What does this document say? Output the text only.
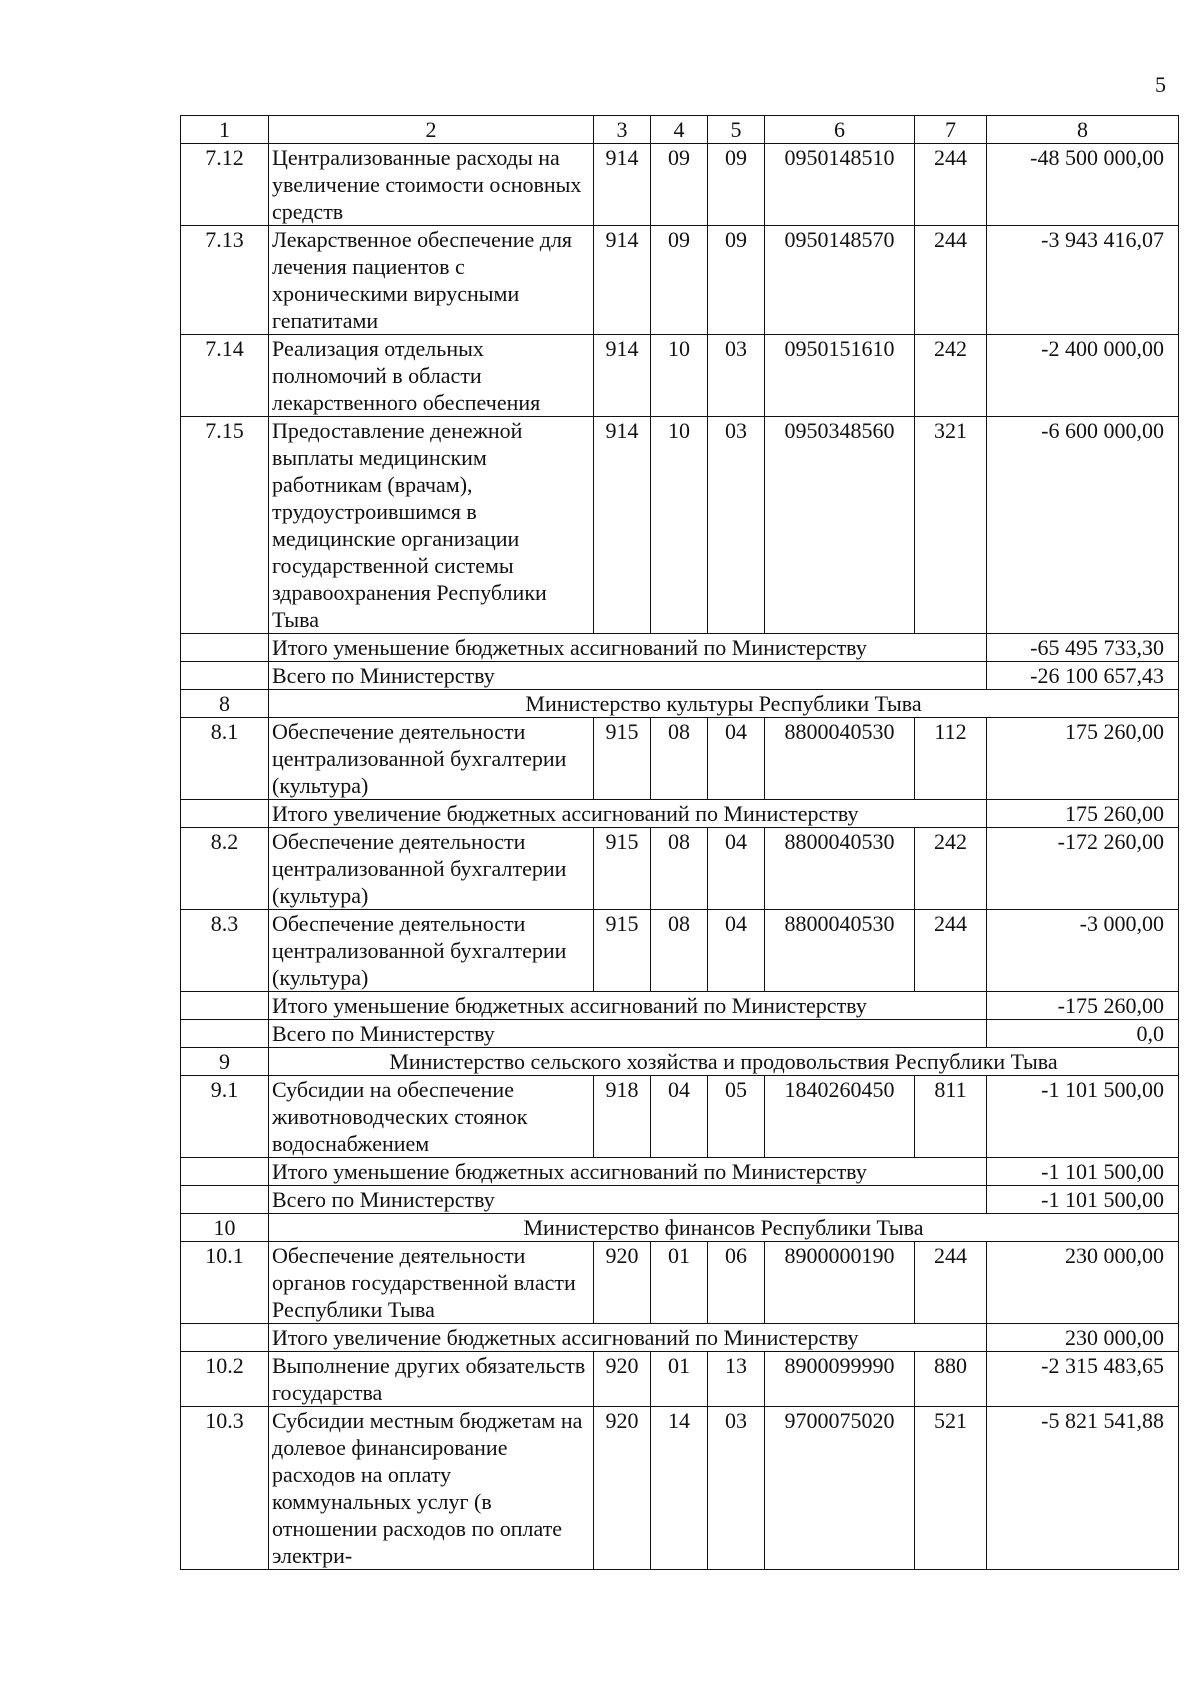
5
1	2	3	4	5	6	7	8
7.12	Централизованные расходы на увеличение стоимости основных средств	914	09	09	0950148510	244	-48 500 000,00
7.13	Лекарственное обеспечение для лечения пациентов с хроническими вирусными гепатитами	914	09	09	0950148570	244	-3 943 416,07
7.14	Реализация отдельных полномочий в области лекарственного обеспечения	914	10	03	0950151610	242	-2 400 000,00
7.15	Предоставление денежной выплаты медицинским работникам (врачам), трудоустроившимся в медицинские организации государственной системы здравоохранения Республики Тыва	914	10	03	0950348560	321	-6 600 000,00
	Итого уменьшение бюджетных ассигнований по Министерству						-65 495 733,30
	Всего по Министерству						-26 100 657,43
8	Министерство культуры Республики Тыва						
8.1	Обеспечение деятельности централизованной бухгалтерии (культура)	915	08	04	8800040530	112	175 260,00
	Итого увеличение бюджетных ассигнований по Министерству						175 260,00
8.2	Обеспечение деятельности централизованной бухгалтерии (культура)	915	08	04	8800040530	242	-172 260,00
8.3	Обеспечение деятельности централизованной бухгалтерии (культура)	915	08	04	8800040530	244	-3 000,00
	Итого уменьшение бюджетных ассигнований по Министерству						-175 260,00
	Всего по Министерству						0,0
9	Министерство сельского хозяйства и продовольствия Республики Тыва						
9.1	Субсидии на обеспечение животноводческих стоянок водоснабжением	918	04	05	1840260450	811	-1 101 500,00
	Итого уменьшение бюджетных ассигнований по Министерству						-1 101 500,00
	Всего по Министерству						-1 101 500,00
10	Министерство финансов Республики Тыва						
10.1	Обеспечение деятельности органов государственной власти Республики Тыва	920	01	06	8900000190	244	230 000,00
	Итого увеличение бюджетных ассигнований по Министерству						230 000,00
10.2	Выполнение других обязательств государства	920	01	13	8900099990	880	-2 315 483,65
10.3	Субсидии местным бюджетам на долевое финансирование расходов на оплату коммунальных услуг (в отношении расходов по оплате электри-	920	14	03	9700075020	521	-5 821 541,88
